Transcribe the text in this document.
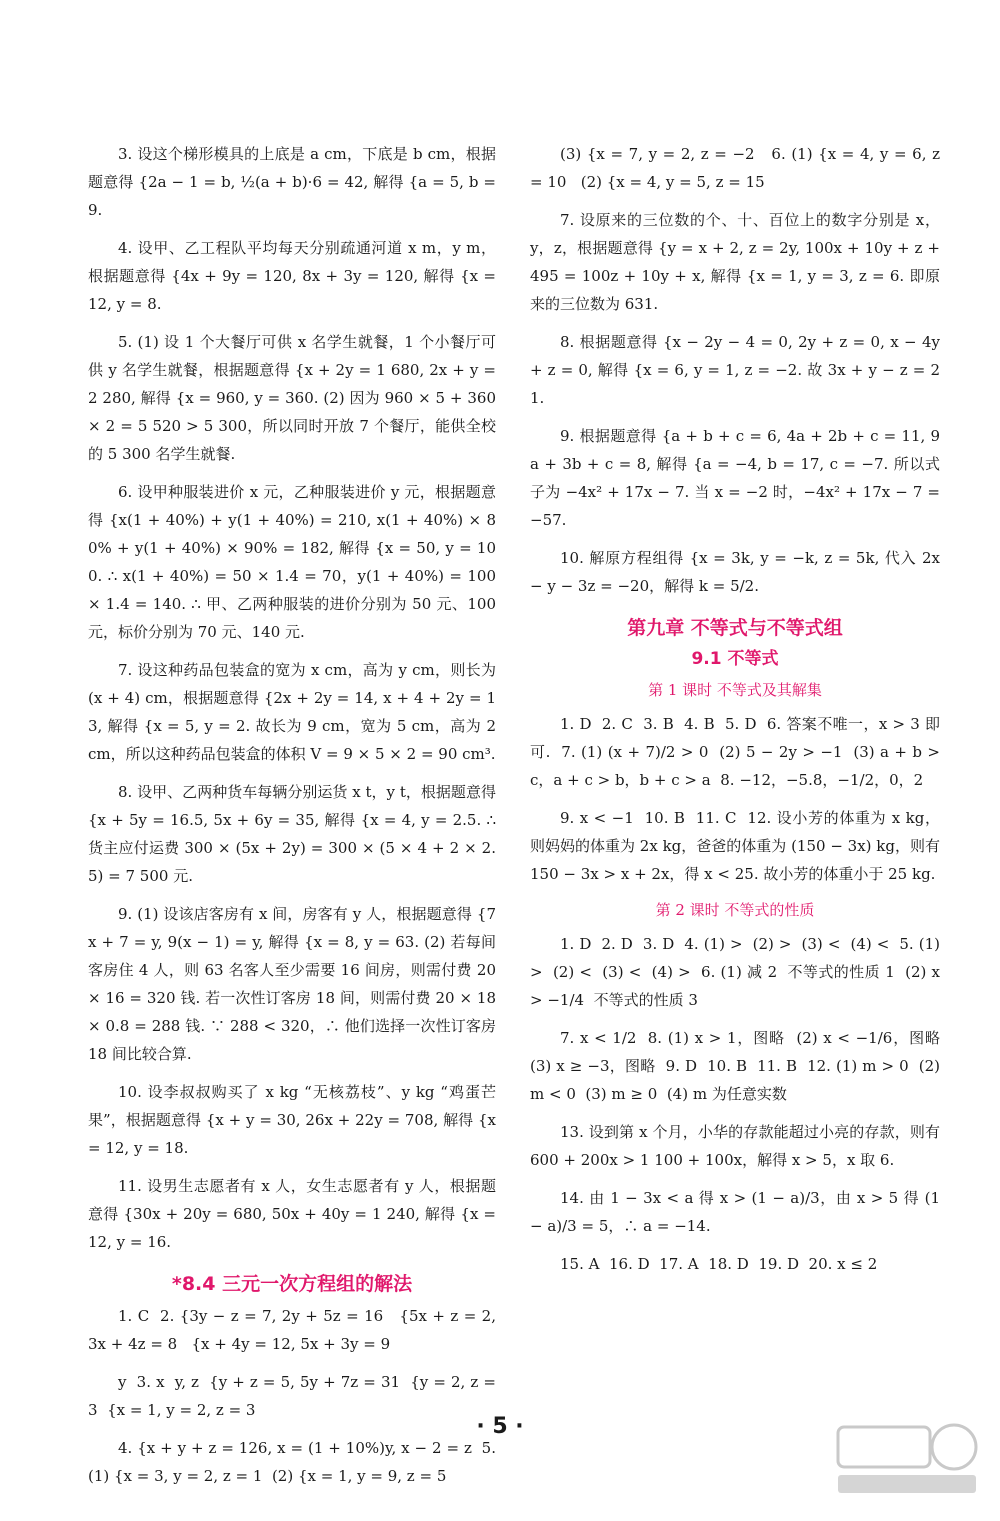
3. 设这个梯形模具的上底是 a cm，下底是 b cm，根据题意得 {2a − 1 = b, ½(a + b)·6 = 42, 解得 {a = 5, b = 9.
4. 设甲、乙工程队平均每天分别疏通河道 x m，y m，根据题意得 {4x + 9y = 120, 8x + 3y = 120, 解得 {x = 12, y = 8.
5. (1) 设 1 个大餐厅可供 x 名学生就餐，1 个小餐厅可供 y 名学生就餐，根据题意得 {x + 2y = 1 680, 2x + y = 2 280, 解得 {x = 960, y = 360. (2) 因为 960 × 5 + 360 × 2 = 5 520 > 5 300，所以同时开放 7 个餐厅，能供全校的 5 300 名学生就餐.
6. 设甲种服装进价 x 元，乙种服装进价 y 元，根据题意得 {x(1 + 40%) + y(1 + 40%) = 210, x(1 + 40%) × 80% + y(1 + 40%) × 90% = 182, 解得 {x = 50, y = 100. ∴ x(1 + 40%) = 50 × 1.4 = 70，y(1 + 40%) = 100 × 1.4 = 140. ∴ 甲、乙两种服装的进价分别为 50 元、100 元，标价分别为 70 元、140 元.
7. 设这种药品包装盒的宽为 x cm，高为 y cm，则长为 (x + 4) cm，根据题意得 {2x + 2y = 14, x + 4 + 2y = 13, 解得 {x = 5, y = 2. 故长为 9 cm，宽为 5 cm，高为 2 cm，所以这种药品包装盒的体积 V = 9 × 5 × 2 = 90 cm³.
8. 设甲、乙两种货车每辆分别运货 x t，y t，根据题意得 {x + 5y = 16.5, 5x + 6y = 35, 解得 {x = 4, y = 2.5. ∴ 货主应付运费 300 × (5x + 2y) = 300 × (5 × 4 + 2 × 2.5) = 7 500 元.
9. (1) 设该店客房有 x 间，房客有 y 人，根据题意得 {7x + 7 = y, 9(x − 1) = y, 解得 {x = 8, y = 63. (2) 若每间客房住 4 人，则 63 名客人至少需要 16 间房，则需付费 20 × 16 = 320 钱. 若一次性订客房 18 间，则需付费 20 × 18 × 0.8 = 288 钱. ∵ 288 < 320，∴ 他们选择一次性订客房 18 间比较合算.
10. 设李叔叔购买了 x kg “无核荔枝”、y kg “鸡蛋芒果”，根据题意得 {x + y = 30, 26x + 22y = 708, 解得 {x = 12, y = 18.
11. 设男生志愿者有 x 人，女生志愿者有 y 人，根据题意得 {30x + 20y = 680, 50x + 40y = 1 240, 解得 {x = 12, y = 16.
*8.4 三元一次方程组的解法
1. C  2. {3y − z = 7, 2y + 5z = 16   {5x + z = 2, 3x + 4z = 8   {x + 4y = 12, 5x + 3y = 9
y  3. x  y, z  {y + z = 5, 5y + 7z = 31  {y = 2, z = 3  {x = 1, y = 2, z = 3
4. {x + y + z = 126, x = (1 + 10%)y, x − 2 = z  5. (1) {x = 3, y = 2, z = 1  (2) {x = 1, y = 9, z = 5
(3) {x = 7, y = 2, z = −2   6. (1) {x = 4, y = 6, z = 10   (2) {x = 4, y = 5, z = 15
7. 设原来的三位数的个、十、百位上的数字分别是 x，y，z，根据题意得 {y = x + 2, z = 2y, 100x + 10y + z + 495 = 100z + 10y + x, 解得 {x = 1, y = 3, z = 6. 即原来的三位数为 631.
8. 根据题意得 {x − 2y − 4 = 0, 2y + z = 0, x − 4y + z = 0, 解得 {x = 6, y = 1, z = −2. 故 3x + y − z = 21.
9. 根据题意得 {a + b + c = 6, 4a + 2b + c = 11, 9a + 3b + c = 8, 解得 {a = −4, b = 17, c = −7. 所以式子为 −4x² + 17x − 7. 当 x = −2 时，−4x² + 17x − 7 = −57.
10. 解原方程组得 {x = 3k, y = −k, z = 5k, 代入 2x − y − 3z = −20，解得 k = 5/2.
第九章 不等式与不等式组
9.1 不等式
第 1 课时 不等式及其解集
1. D  2. C  3. B  4. B  5. D  6. 答案不唯一，x > 3 即可.  7. (1) (x + 7)/2 > 0  (2) 5 − 2y > −1  (3) a + b > c，a + c > b，b + c > a  8. −12，−5.8，−1/2，0，2
9. x < −1  10. B  11. C  12. 设小芳的体重为 x kg，则妈妈的体重为 2x kg，爸爸的体重为 (150 − 3x) kg，则有 150 − 3x > x + 2x，得 x < 25. 故小芳的体重小于 25 kg.
第 2 课时 不等式的性质
1. D  2. D  3. D  4. (1) >  (2) >  (3) <  (4) <  5. (1) >  (2) <  (3) <  (4) >  6. (1) 减 2  不等式的性质 1  (2) x > −1/4  不等式的性质 3
7. x < 1/2  8. (1) x > 1，图略  (2) x < −1/6，图略  (3) x ≥ −3，图略  9. D  10. B  11. B  12. (1) m > 0  (2) m < 0  (3) m ≥ 0  (4) m 为任意实数
13. 设到第 x 个月，小华的存款能超过小亮的存款，则有 600 + 200x > 1 100 + 100x，解得 x > 5，x 取 6.
14. 由 1 − 3x < a 得 x > (1 − a)/3，由 x > 5 得 (1 − a)/3 = 5，∴ a = −14.
15. A  16. D  17. A  18. D  19. D  20. x ≤ 2
· 5 ·
